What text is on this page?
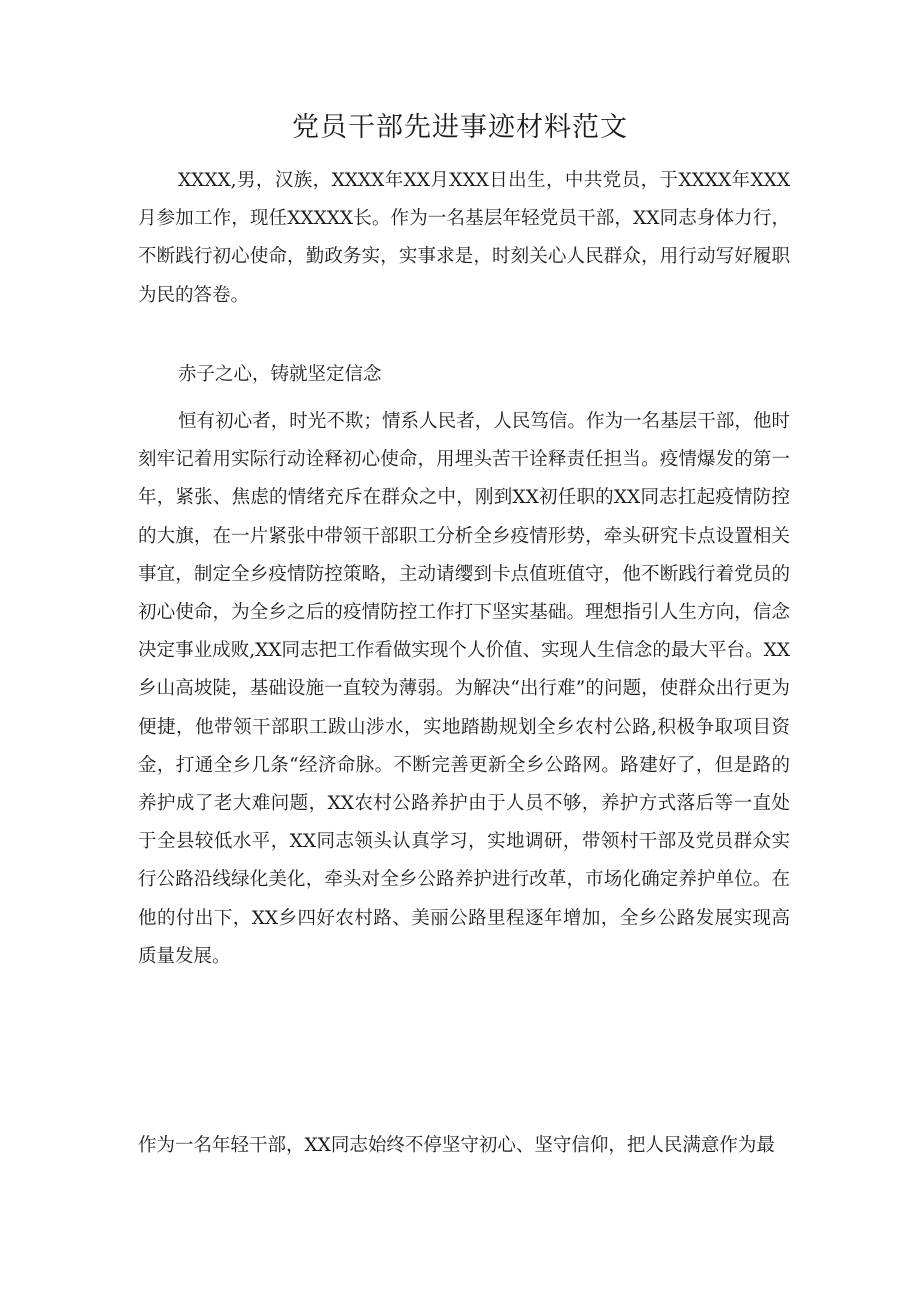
党员干部先进事迹材料范文

XXXX,男，汉族，XXXX年XX月XXX日出生，中共党员，于XXXX年XXX月参加工作，现任XXXXX长。作为一名基层年轻党员干部，XX同志身体力行，不断践行初心使命，勤政务实，实事求是，时刻关心人民群众，用行动写好履职为民的答卷。

赤子之心，铸就坚定信念

恒有初心者，时光不欺；情系人民者，人民笃信。作为一名基层干部，他时刻牢记着用实际行动诠释初心使命，用埋头苦干诠释责任担当。疫情爆发的第一年，紧张、焦虑的情绪充斥在群众之中，刚到XX初任职的XX同志扛起疫情防控的大旗，在一片紧张中带领干部职工分析全乡疫情形势，牵头研究卡点设置相关事宜，制定全乡疫情防控策略，主动请缨到卡点值班值守，他不断践行着党员的初心使命，为全乡之后的疫情防控工作打下坚实基础。理想指引人生方向，信念决定事业成败,XX同志把工作看做实现个人价值、实现人生信念的最大平台。XX乡山高坡陡，基础设施一直较为薄弱。为解决“出行难”的问题，使群众出行更为便捷，他带领干部职工跋山涉水，实地踏勘规划全乡农村公路,积极争取项目资金，打通全乡几条“经济命脉。不断完善更新全乡公路网。路建好了，但是路的养护成了老大难问题，XX农村公路养护由于人员不够，养护方式落后等一直处于全县较低水平，XX同志领头认真学习，实地调研，带领村干部及党员群众实行公路沿线绿化美化，牵头对全乡公路养护进行改革，市场化确定养护单位。在他的付出下，XX乡四好农村路、美丽公路里程逐年增加，全乡公路发展实现高质量发展。

作为一名年轻干部，XX同志始终不停坚守初心、坚守信仰，把人民满意作为最
